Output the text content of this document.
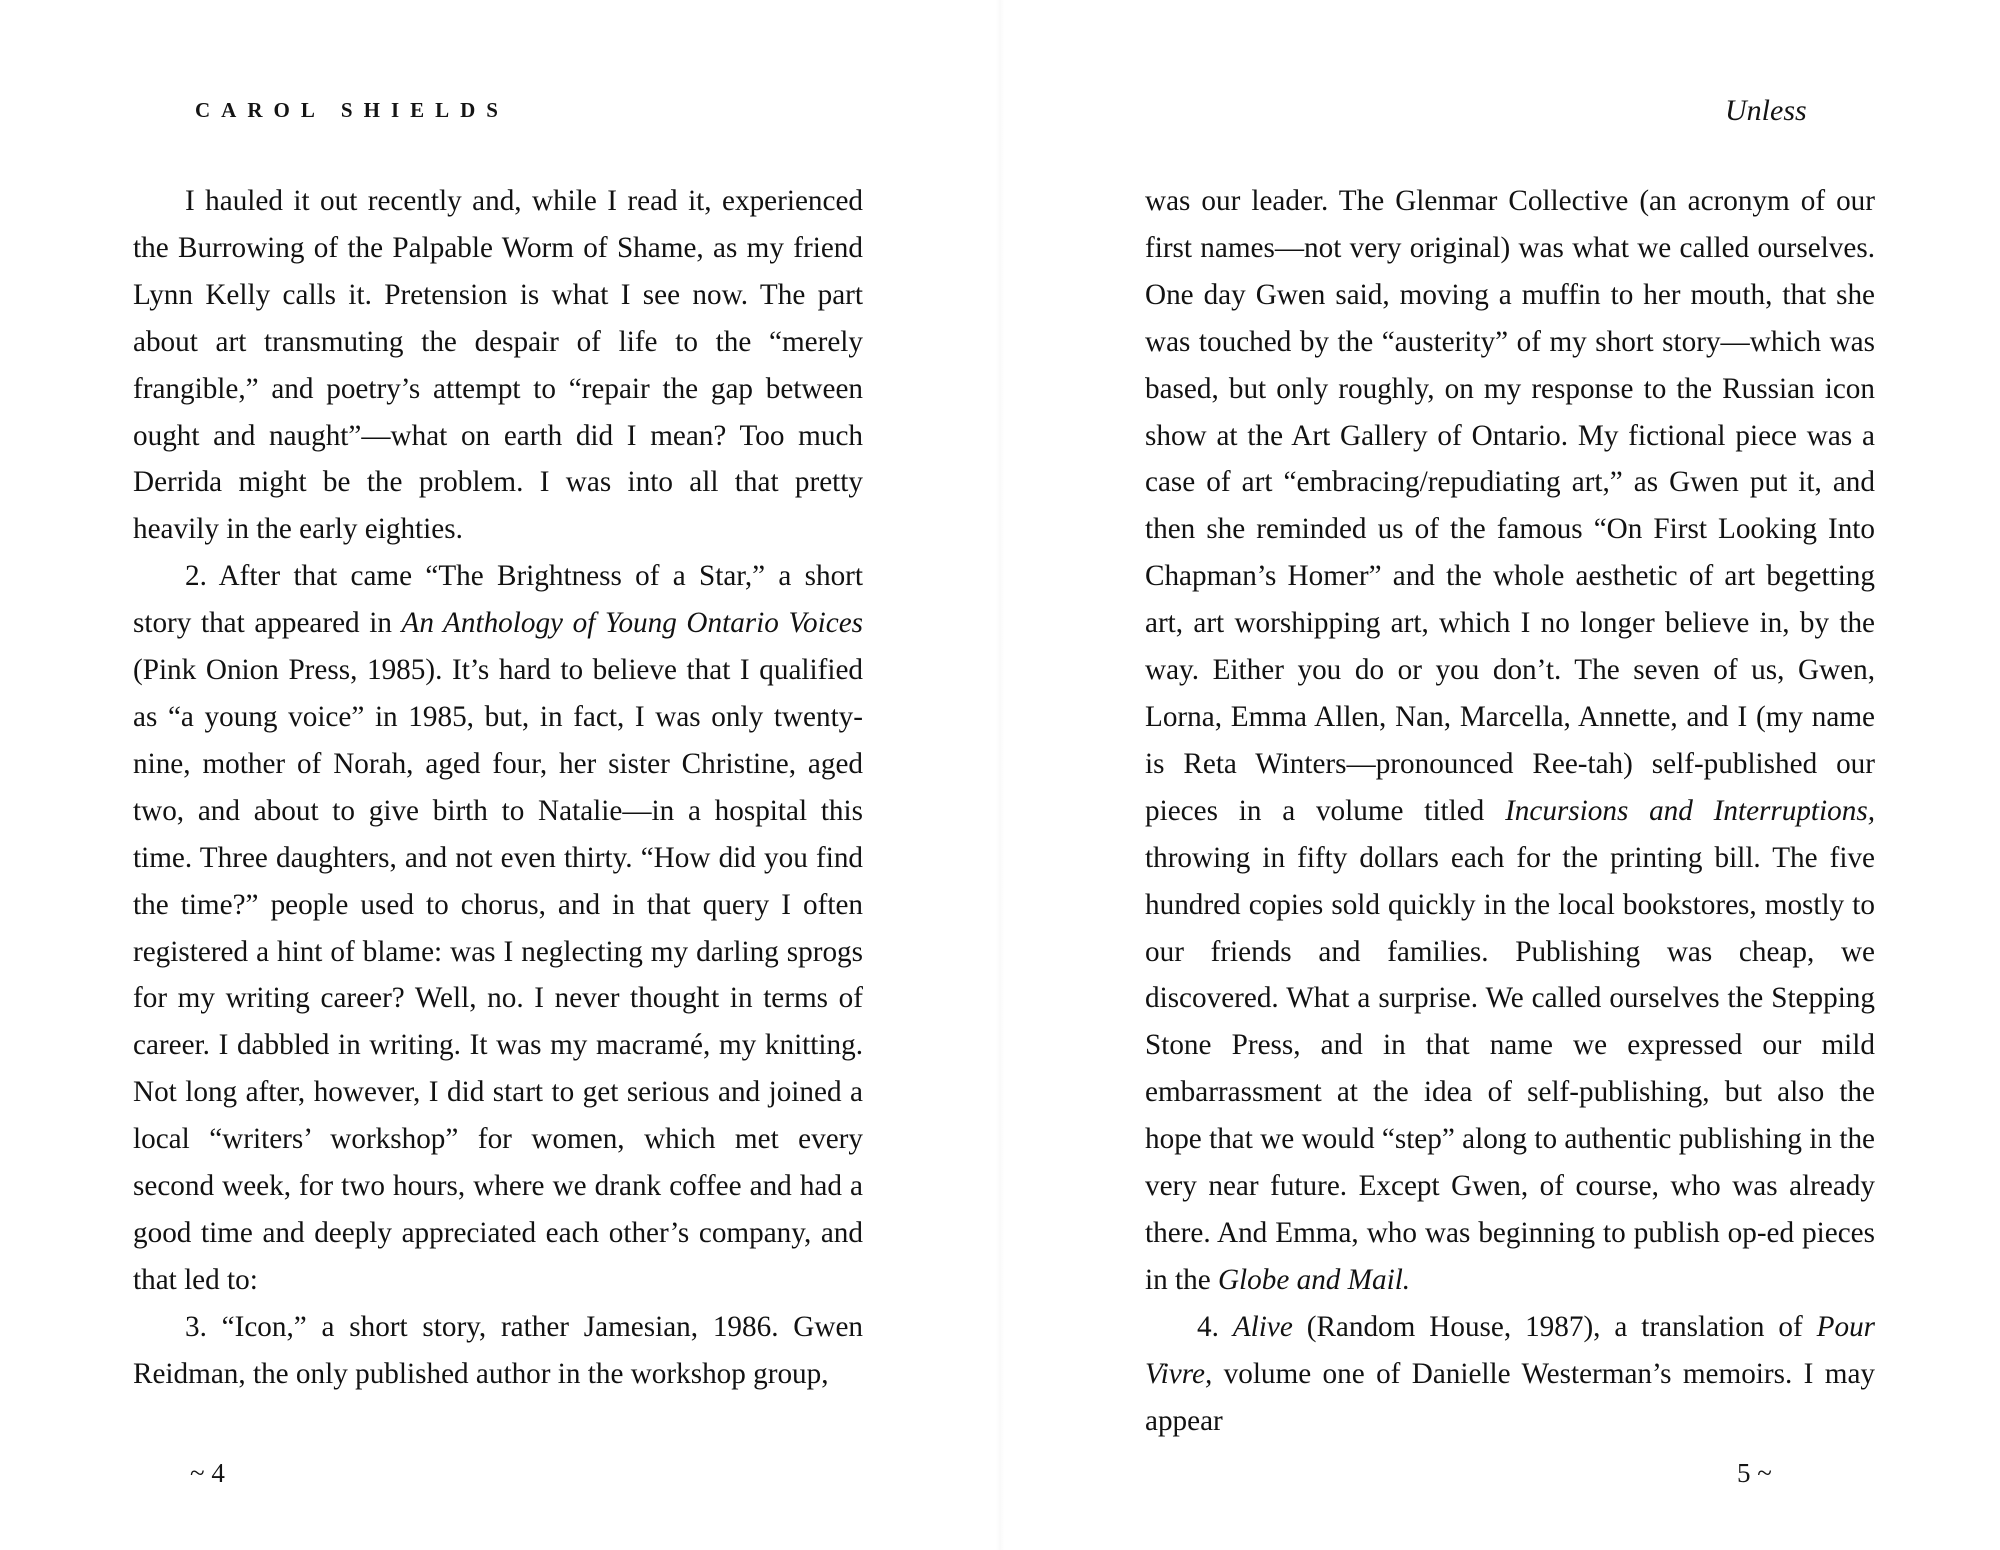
CAROL SHIELDS

I hauled it out recently and, while I read it, experienced the Burrowing of the Palpable Worm of Shame, as my friend Lynn Kelly calls it. Pretension is what I see now. The part about art transmuting the despair of life to the “merely frangible,” and poetry’s attempt to “repair the gap between ought and naught”—what on earth did I mean? Too much Derrida might be the problem. I was into all that pretty heavily in the early eighties.

2. After that came “The Brightness of a Star,” a short story that appeared in An Anthology of Young Ontario Voices (Pink Onion Press, 1985). It’s hard to believe that I qualified as “a young voice” in 1985, but, in fact, I was only twenty-nine, mother of Norah, aged four, her sister Christine, aged two, and about to give birth to Natalie—in a hospital this time. Three daughters, and not even thirty. “How did you find the time?” people used to chorus, and in that query I often registered a hint of blame: was I neglecting my darling sprogs for my writing career? Well, no. I never thought in terms of career. I dabbled in writing. It was my macramé, my knitting. Not long after, however, I did start to get serious and joined a local “writers’ workshop” for women, which met every second week, for two hours, where we drank coffee and had a good time and deeply appreciated each other’s company, and that led to:

3. “Icon,” a short story, rather Jamesian, 1986. Gwen Reidman, the only published author in the workshop group,

~ 4
Unless

was our leader. The Glenmar Collective (an acronym of our first names—not very original) was what we called ourselves. One day Gwen said, moving a muffin to her mouth, that she was touched by the “austerity” of my short story—which was based, but only roughly, on my response to the Russian icon show at the Art Gallery of Ontario. My fictional piece was a case of art “embracing/repudiating art,” as Gwen put it, and then she reminded us of the famous “On First Looking Into Chapman’s Homer” and the whole aesthetic of art begetting art, art worshipping art, which I no longer believe in, by the way. Either you do or you don’t. The seven of us, Gwen, Lorna, Emma Allen, Nan, Marcella, Annette, and I (my name is Reta Winters—pronounced Ree-tah) self-published our pieces in a volume titled Incursions and Interruptions, throwing in fifty dollars each for the printing bill. The five hundred copies sold quickly in the local bookstores, mostly to our friends and families. Publishing was cheap, we discovered. What a surprise. We called ourselves the Stepping Stone Press, and in that name we expressed our mild embarrassment at the idea of self-publishing, but also the hope that we would “step” along to authentic publishing in the very near future. Except Gwen, of course, who was already there. And Emma, who was beginning to publish op-ed pieces in the Globe and Mail.

4. Alive (Random House, 1987), a translation of Pour Vivre, volume one of Danielle Westerman’s memoirs. I may appear

5 ~
